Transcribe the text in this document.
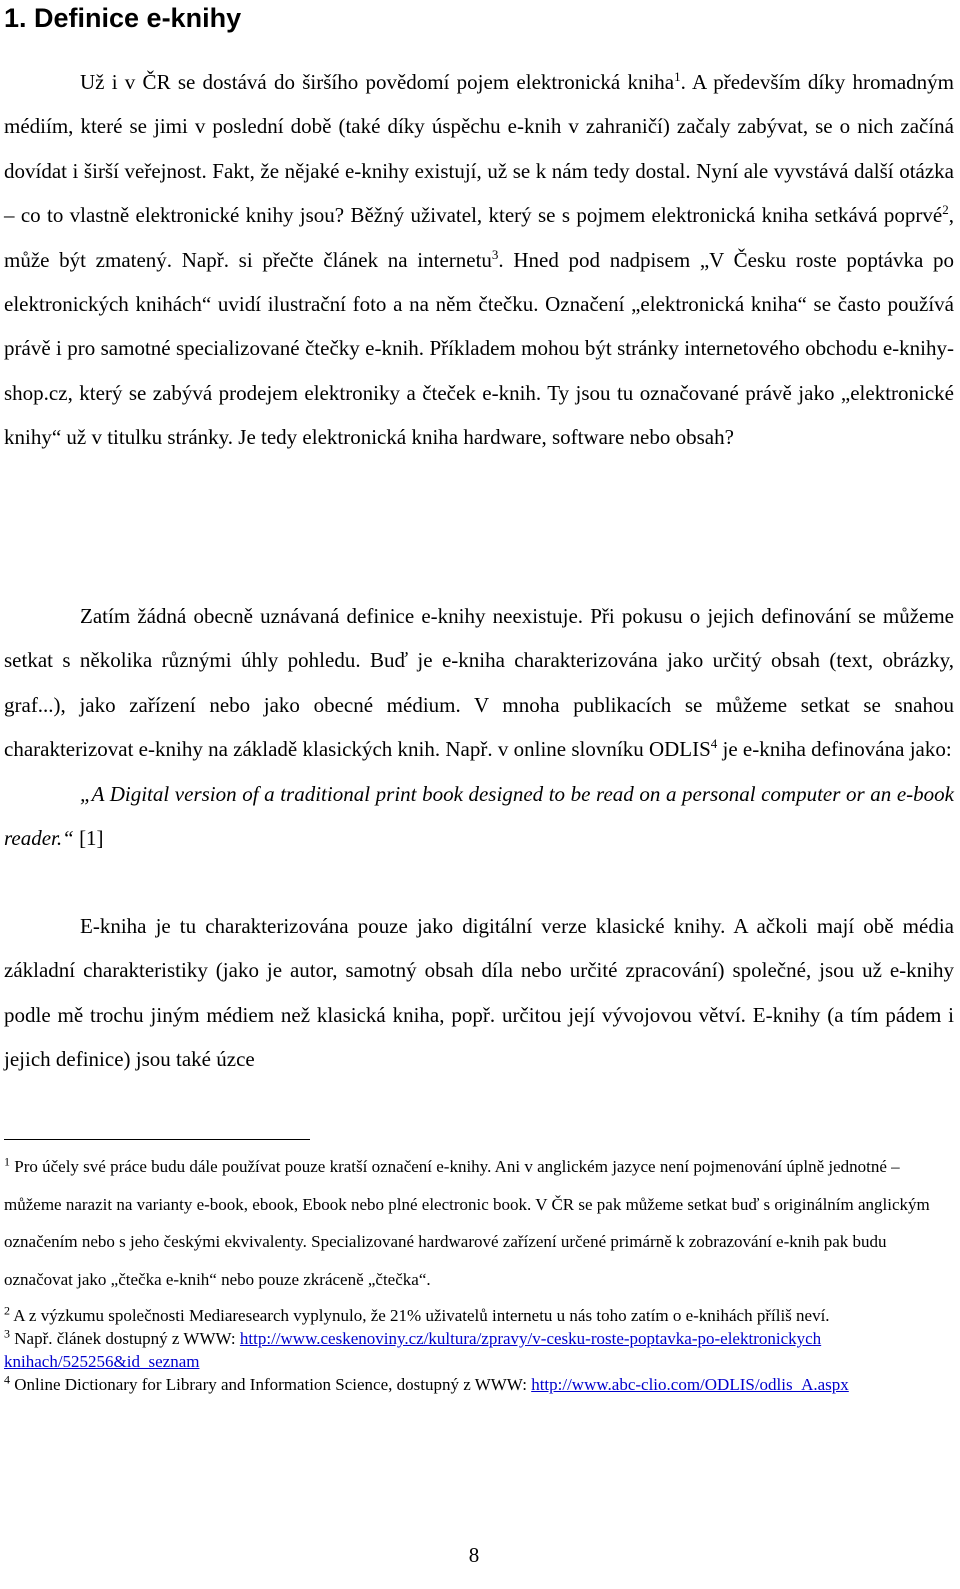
1. Definice e-knihy
Už i v ČR se dostává do širšího povědomí pojem elektronická kniha$^1$. A především díky hromadným médiím, které se jimi v poslední době (také díky úspěchu e-knih v zahraničí) začaly zabývat, se o nich začíná dovídat i širší veřejnost. Fakt, že nějaké e-knihy existují, už se k nám tedy dostal. Nyní ale vyvstává další otázka – co to vlastně elektronické knihy jsou? Běžný uživatel, který se s pojmem elektronická kniha setkává poprvé$^2$, může být zmatený. Např. si přečte článek na internetu$^3$. Hned pod nadpisem „V Česku roste poptávka po elektronických knihách“ uvidí ilustrační foto a na něm čtečku. Označení „elektronická kniha“ se často používá právě i pro samotné specializované čtečky e-knih. Příkladem mohou být stránky internetového obchodu e-knihy-shop.cz, který se zabývá prodejem elektroniky a čteček e-knih. Ty jsou tu označované právě jako „elektronické knihy“ už v titulku stránky. Je tedy elektronická kniha hardware, software nebo obsah?
Zatím žádná obecně uznávaná definice e-knihy neexistuje. Při pokusu o jejich definování se můžeme setkat s několika různými úhly pohledu. Buď je e-kniha charakterizována jako určitý obsah (text, obrázky, graf...), jako zařízení nebo jako obecné médium. V mnoha publikacích se můžeme setkat se snahou charakterizovat e-knihy na základě klasických knih. Např. v online slovníku ODLIS$^4$ je e-kniha definována jako:
„A Digital version of a traditional print book designed to be read on a personal computer or an e-book reader.“ [1]
E-kniha je tu charakterizována pouze jako digitální verze klasické knihy. A ačkoli mají obě média základní charakteristiky (jako je autor, samotný obsah díla nebo určité zpracování) společné, jsou už e-knihy podle mě trochu jiným médiem než klasická kniha, popř. určitou její vývojovou větví. E-knihy (a tím pádem i jejich definice) jsou také úzce
$^1$ Pro účely své práce budu dále používat pouze kratší označení e-knihy. Ani v anglickém jazyce není pojmenování úplně jednotné – můžeme narazit na varianty e-book, ebook, Ebook nebo plné electronic book. V ČR se pak můžeme setkat buď s originálním anglickým označením nebo s jeho českými ekvivalenty. Specializované hardwarové zařízení určené primárně k zobrazování e-knih pak budu označovat jako „čtečka e-knih“ nebo pouze zkráceně „čtečka“.
$^2$ A z výzkumu společnosti Mediaresearch vyplynulo, že 21% uživatelů internetu u nás toho zatím o e-knihách příliš neví.
$^3$ Např. článek dostupný z WWW: http://www.ceskenoviny.cz/kultura/zpravy/v-cesku-roste-poptavka-po-elektronickych knihach/525256&id_seznam
$^4$ Online Dictionary for Library and Information Science, dostupný z WWW: http://www.abc-clio.com/ODLIS/odlis_A.aspx
8
